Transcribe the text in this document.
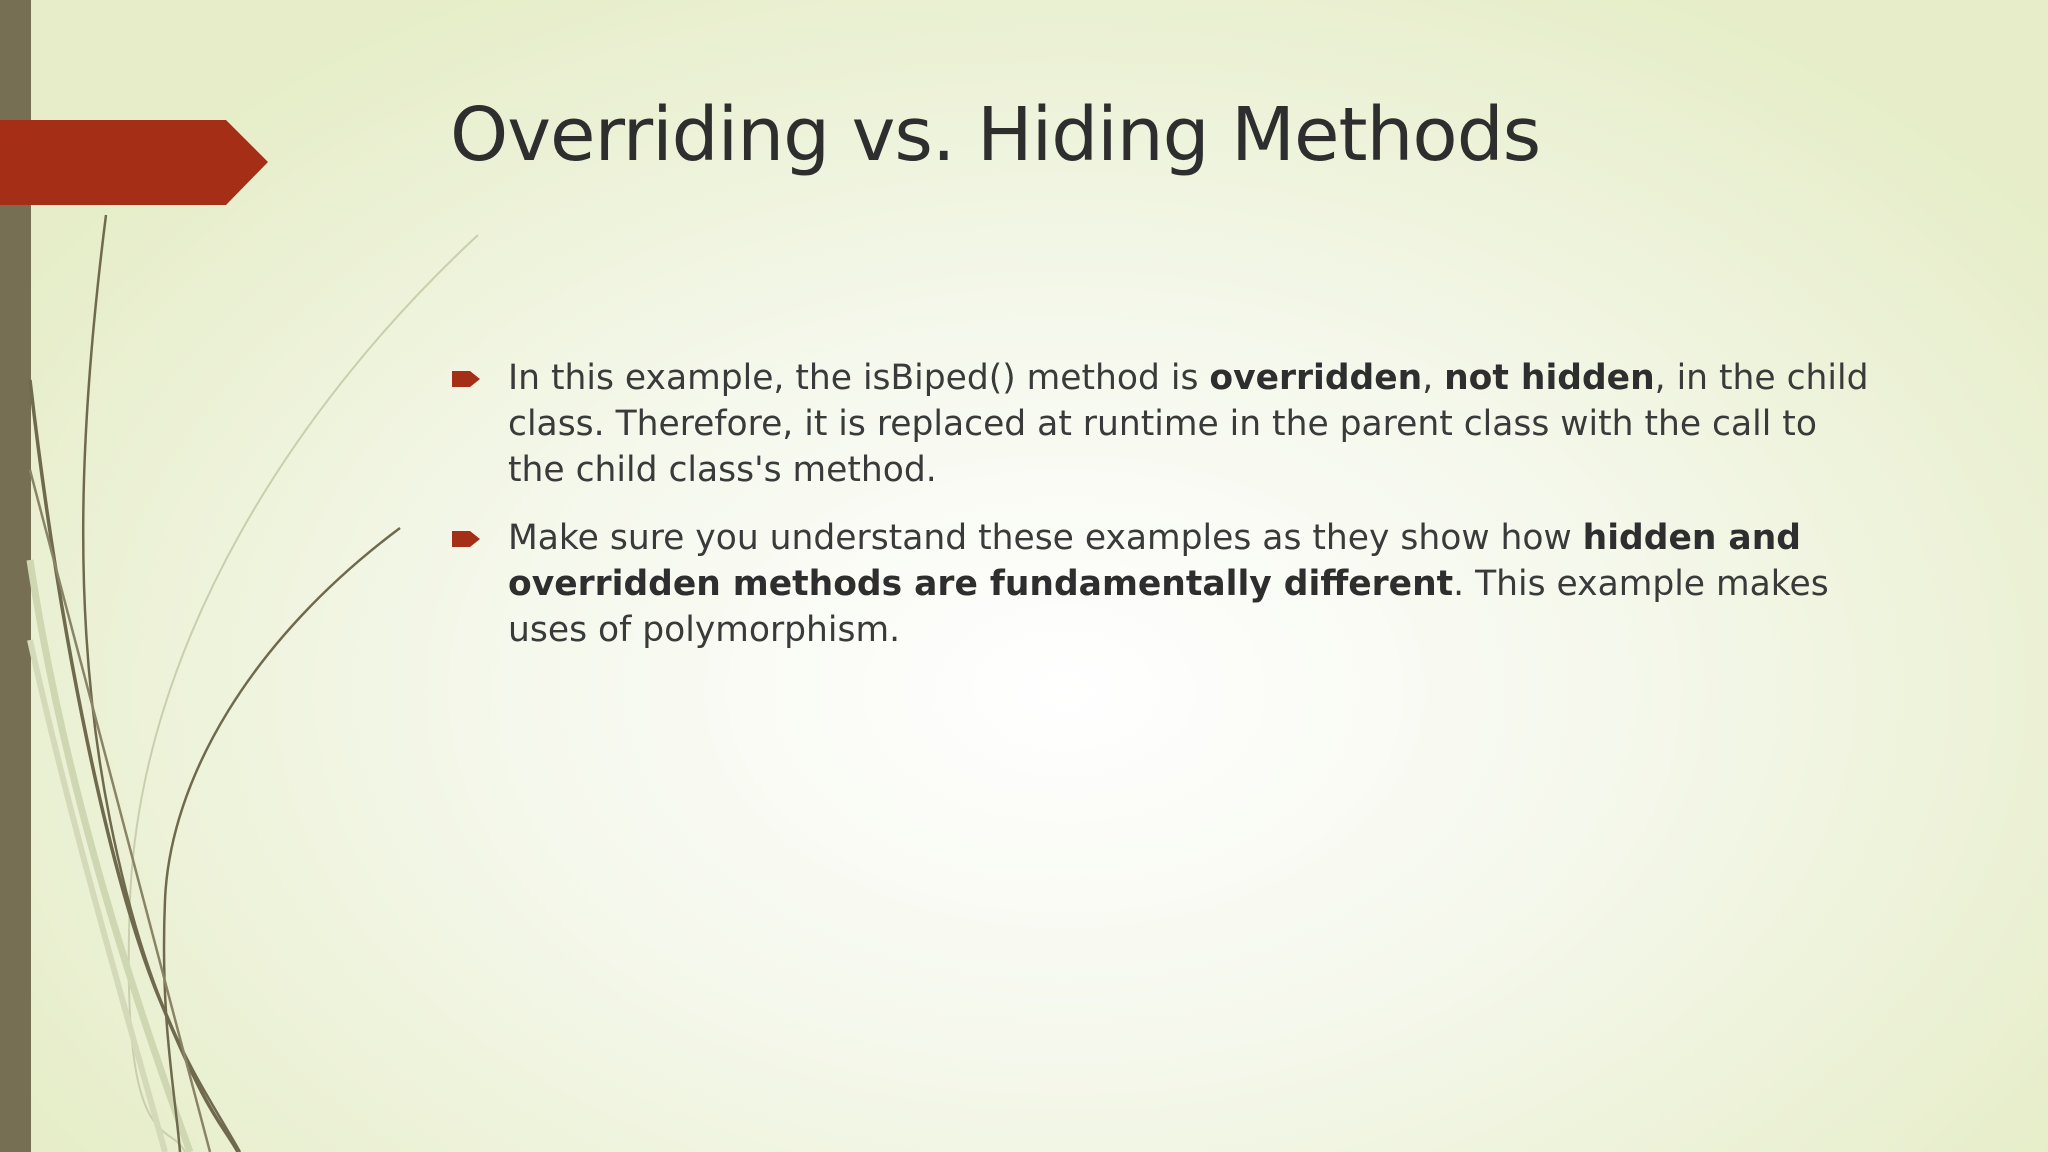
Overriding vs. Hiding Methods
In this example, the isBiped() method is overridden, not hidden, in the child class. Therefore, it is replaced at runtime in the parent class with the call to the child class's method.
Make sure you understand these examples as they show how hidden and overridden methods are fundamentally different. This example makes uses of polymorphism.
